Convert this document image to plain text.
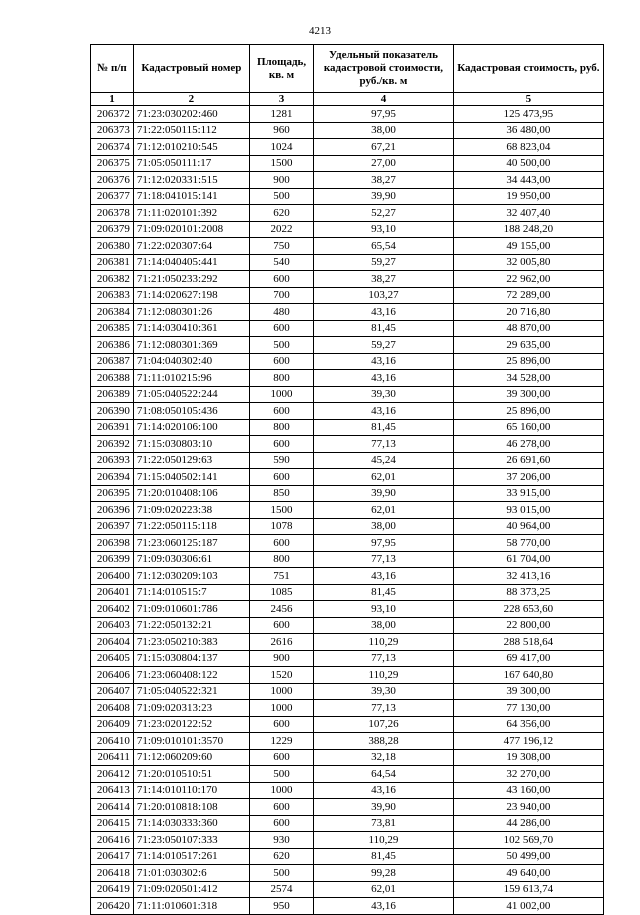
4213
№ п/п	Кадастровый номер	Площадь, кв. м	Удельный показатель кадастровой стоимости, руб./кв. м	Кадастровая стоимость, руб.
1	2	3	4	5
206372	71:23:030202:460	1281	97,95	125 473,95
206373	71:22:050115:112	960	38,00	36 480,00
206374	71:12:010210:545	1024	67,21	68 823,04
206375	71:05:050111:17	1500	27,00	40 500,00
206376	71:12:020331:515	900	38,27	34 443,00
206377	71:18:041015:141	500	39,90	19 950,00
206378	71:11:020101:392	620	52,27	32 407,40
206379	71:09:020101:2008	2022	93,10	188 248,20
206380	71:22:020307:64	750	65,54	49 155,00
206381	71:14:040405:441	540	59,27	32 005,80
206382	71:21:050233:292	600	38,27	22 962,00
206383	71:14:020627:198	700	103,27	72 289,00
206384	71:12:080301:26	480	43,16	20 716,80
206385	71:14:030410:361	600	81,45	48 870,00
206386	71:12:080301:369	500	59,27	29 635,00
206387	71:04:040302:40	600	43,16	25 896,00
206388	71:11:010215:96	800	43,16	34 528,00
206389	71:05:040522:244	1000	39,30	39 300,00
206390	71:08:050105:436	600	43,16	25 896,00
206391	71:14:020106:100	800	81,45	65 160,00
206392	71:15:030803:10	600	77,13	46 278,00
206393	71:22:050129:63	590	45,24	26 691,60
206394	71:15:040502:141	600	62,01	37 206,00
206395	71:20:010408:106	850	39,90	33 915,00
206396	71:09:020223:38	1500	62,01	93 015,00
206397	71:22:050115:118	1078	38,00	40 964,00
206398	71:23:060125:187	600	97,95	58 770,00
206399	71:09:030306:61	800	77,13	61 704,00
206400	71:12:030209:103	751	43,16	32 413,16
206401	71:14:010515:7	1085	81,45	88 373,25
206402	71:09:010601:786	2456	93,10	228 653,60
206403	71:22:050132:21	600	38,00	22 800,00
206404	71:23:050210:383	2616	110,29	288 518,64
206405	71:15:030804:137	900	77,13	69 417,00
206406	71:23:060408:122	1520	110,29	167 640,80
206407	71:05:040522:321	1000	39,30	39 300,00
206408	71:09:020313:23	1000	77,13	77 130,00
206409	71:23:020122:52	600	107,26	64 356,00
206410	71:09:010101:3570	1229	388,28	477 196,12
206411	71:12:060209:60	600	32,18	19 308,00
206412	71:20:010510:51	500	64,54	32 270,00
206413	71:14:010110:170	1000	43,16	43 160,00
206414	71:20:010818:108	600	39,90	23 940,00
206415	71:14:030333:360	600	73,81	44 286,00
206416	71:23:050107:333	930	110,29	102 569,70
206417	71:14:010517:261	620	81,45	50 499,00
206418	71:01:030302:6	500	99,28	49 640,00
206419	71:09:020501:412	2574	62,01	159 613,74
206420	71:11:010601:318	950	43,16	41 002,00
